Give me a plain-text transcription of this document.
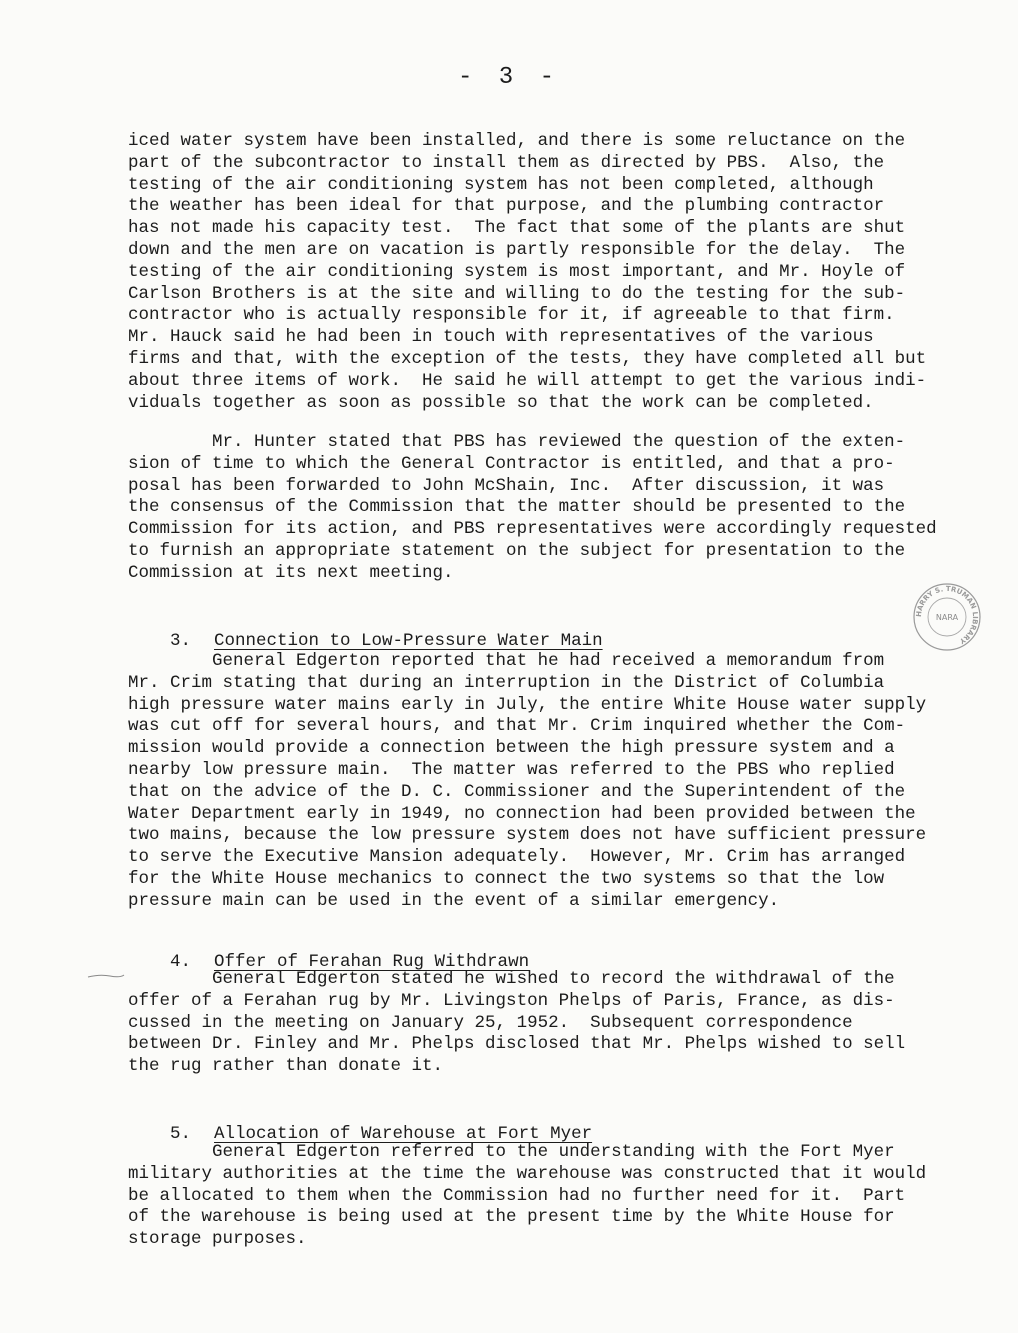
- 3 -
iced water system have been installed, and there is some reluctance on the
part of the subcontractor to install them as directed by PBS.  Also, the
testing of the air conditioning system has not been completed, although
the weather has been ideal for that purpose, and the plumbing contractor
has not made his capacity test.  The fact that some of the plants are shut
down and the men are on vacation is partly responsible for the delay.  The
testing of the air conditioning system is most important, and Mr. Hoyle of
Carlson Brothers is at the site and willing to do the testing for the sub-
contractor who is actually responsible for it, if agreeable to that firm.
Mr. Hauck said he had been in touch with representatives of the various
firms and that, with the exception of the tests, they have completed all but
about three items of work.  He said he will attempt to get the various indi-
viduals together as soon as possible so that the work can be completed.
Mr. Hunter stated that PBS has reviewed the question of the exten-
sion of time to which the General Contractor is entitled, and that a pro-
posal has been forwarded to John McShain, Inc.  After discussion, it was
the consensus of the Commission that the matter should be presented to the
Commission for its action, and PBS representatives were accordingly requested
to furnish an appropriate statement on the subject for presentation to the
Commission at its next meeting.

3. Connection to Low-Pressure Water Main

General Edgerton reported that he had received a memorandum from
Mr. Crim stating that during an interruption in the District of Columbia
high pressure water mains early in July, the entire White House water supply
was cut off for several hours, and that Mr. Crim inquired whether the Com-
mission would provide a connection between the high pressure system and a
nearby low pressure main.  The matter was referred to the PBS who replied
that on the advice of the D. C. Commissioner and the Superintendent of the
Water Department early in 1949, no connection had been provided between the
two mains, because the low pressure system does not have sufficient pressure
to serve the Executive Mansion adequately.  However, Mr. Crim has arranged
for the White House mechanics to connect the two systems so that the low
pressure main can be used in the event of a similar emergency.

4. Offer of Ferahan Rug Withdrawn

General Edgerton stated he wished to record the withdrawal of the
offer of a Ferahan rug by Mr. Livingston Phelps of Paris, France, as dis-
cussed in the meeting on January 25, 1952.  Subsequent correspondence
between Dr. Finley and Mr. Phelps disclosed that Mr. Phelps wished to sell
the rug rather than donate it.

5. Allocation of Warehouse at Fort Myer

General Edgerton referred to the understanding with the Fort Myer
military authorities at the time the warehouse was constructed that it would
be allocated to them when the Commission had no further need for it.  Part
of the warehouse is being used at the present time by the White House for
storage purposes.
HARRY S. TRUMAN LIBRARY
NARA
